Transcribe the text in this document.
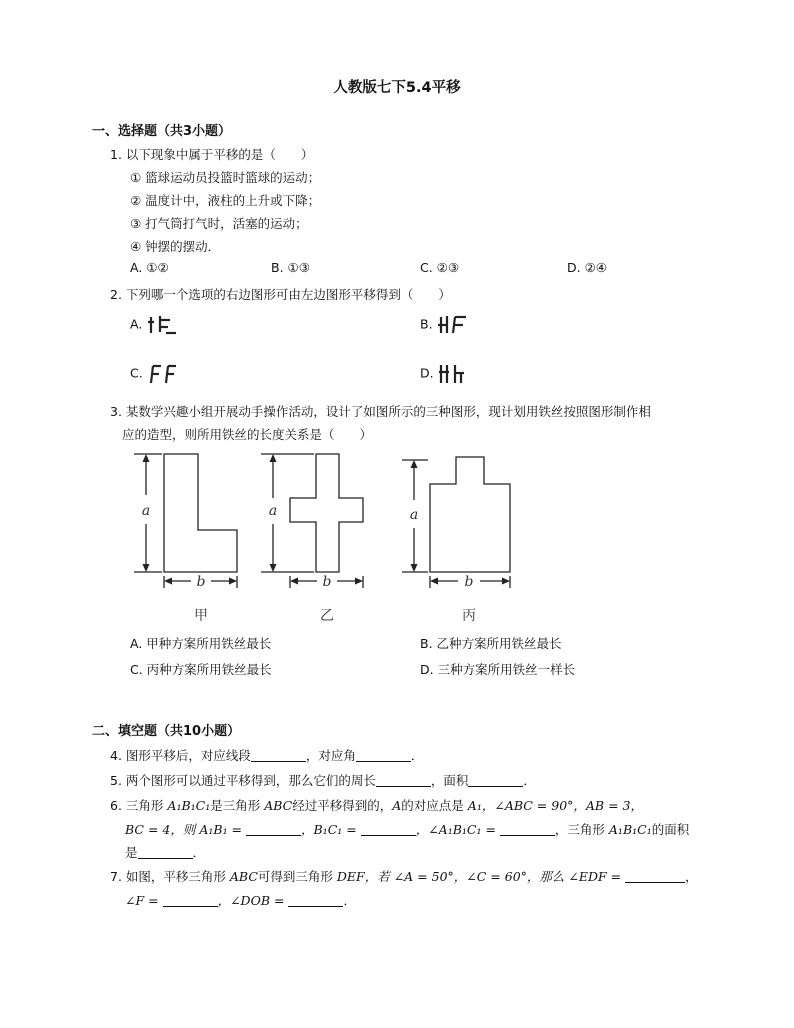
人教版七下5.4平移
一、选择题（共3小题）
1. 以下现象中属于平移的是（　　）
① 篮球运动员投篮时篮球的运动；
② 温度计中，液柱的上升或下降；
③ 打气筒打气时，活塞的运动；
④ 钟摆的摆动．
A. ①②	B. ①③	C. ②③	D. ②④
2. 下列哪一个选项的右边图形可由左边图形平移得到（　　）
A.	B.
C.	D.
3. 某数学兴趣小组开展动手操作活动，设计了如图所示的三种图形，现计划用铁丝按照图形制作相
应的造型，则所用铁丝的长度关系是（　　）
a
b
a
b
a
b
甲	乙	丙
A. 甲种方案所用铁丝最长	B. 乙种方案所用铁丝最长
C. 丙种方案所用铁丝最长	D. 三种方案所用铁丝一样长
二、填空题（共10小题）
4. 图形平移后，对应线段	，对应角	．
5. 两个图形可以通过平移得到，那么它们的周长	，面积	．
6. 三角形 A₁B₁C₁是三角形 ABC经过平移得到的，A的对应点是 A₁，∠ABC = 90°，AB = 3，
BC = 4，则 A₁B₁ =	，B₁C₁ =	，∠A₁B₁C₁ =	，三角形 A₁B₁C₁的面积
是	．
7. 如图，平移三角形 ABC可得到三角形 DEF，若 ∠A = 50°，∠C = 60°，那么 ∠EDF =	，
∠F =	，∠DOB =	．
